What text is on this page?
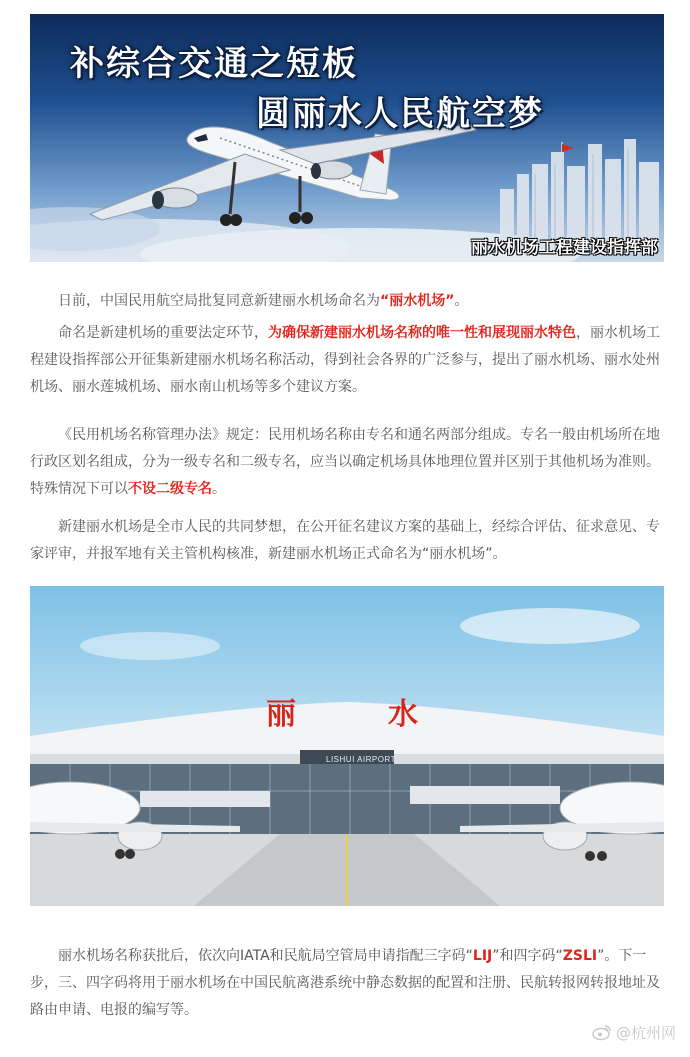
补综合交通之短板
圆丽水人民航空梦
丽水机场工程建设指挥部

日前，中国民用航空局批复同意新建丽水机场命名为“丽水机场”。

命名是新建机场的重要法定环节，为确保新建丽水机场名称的唯一性和展现丽水特色，丽水机场工程建设指挥部公开征集新建丽水机场名称活动，得到社会各界的广泛参与，提出了丽水机场、丽水处州机场、丽水莲城机场、丽水南山机场等多个建议方案。

《民用机场名称管理办法》规定：民用机场名称由专名和通名两部分组成。专名一般由机场所在地行政区划名组成，分为一级专名和二级专名，应当以确定机场具体地理位置并区别于其他机场为准则。特殊情况下可以不设二级专名。

新建丽水机场是全市人民的共同梦想，在公开征名建议方案的基础上，经综合评估、征求意见、专家评审，并报军地有关主管机构核准，新建丽水机场正式命名为“丽水机场”。

丽	水
LISHUI AIRPORT

丽水机场名称获批后，依次向IATA和民航局空管局申请指配三字码“LIJ”和四字码“ZSLI”。下一步，三、四字码将用于丽水机场在中国民航离港系统中静态数据的配置和注册、民航转报网转报地址及路由申请、电报的编写等。

@杭州网
